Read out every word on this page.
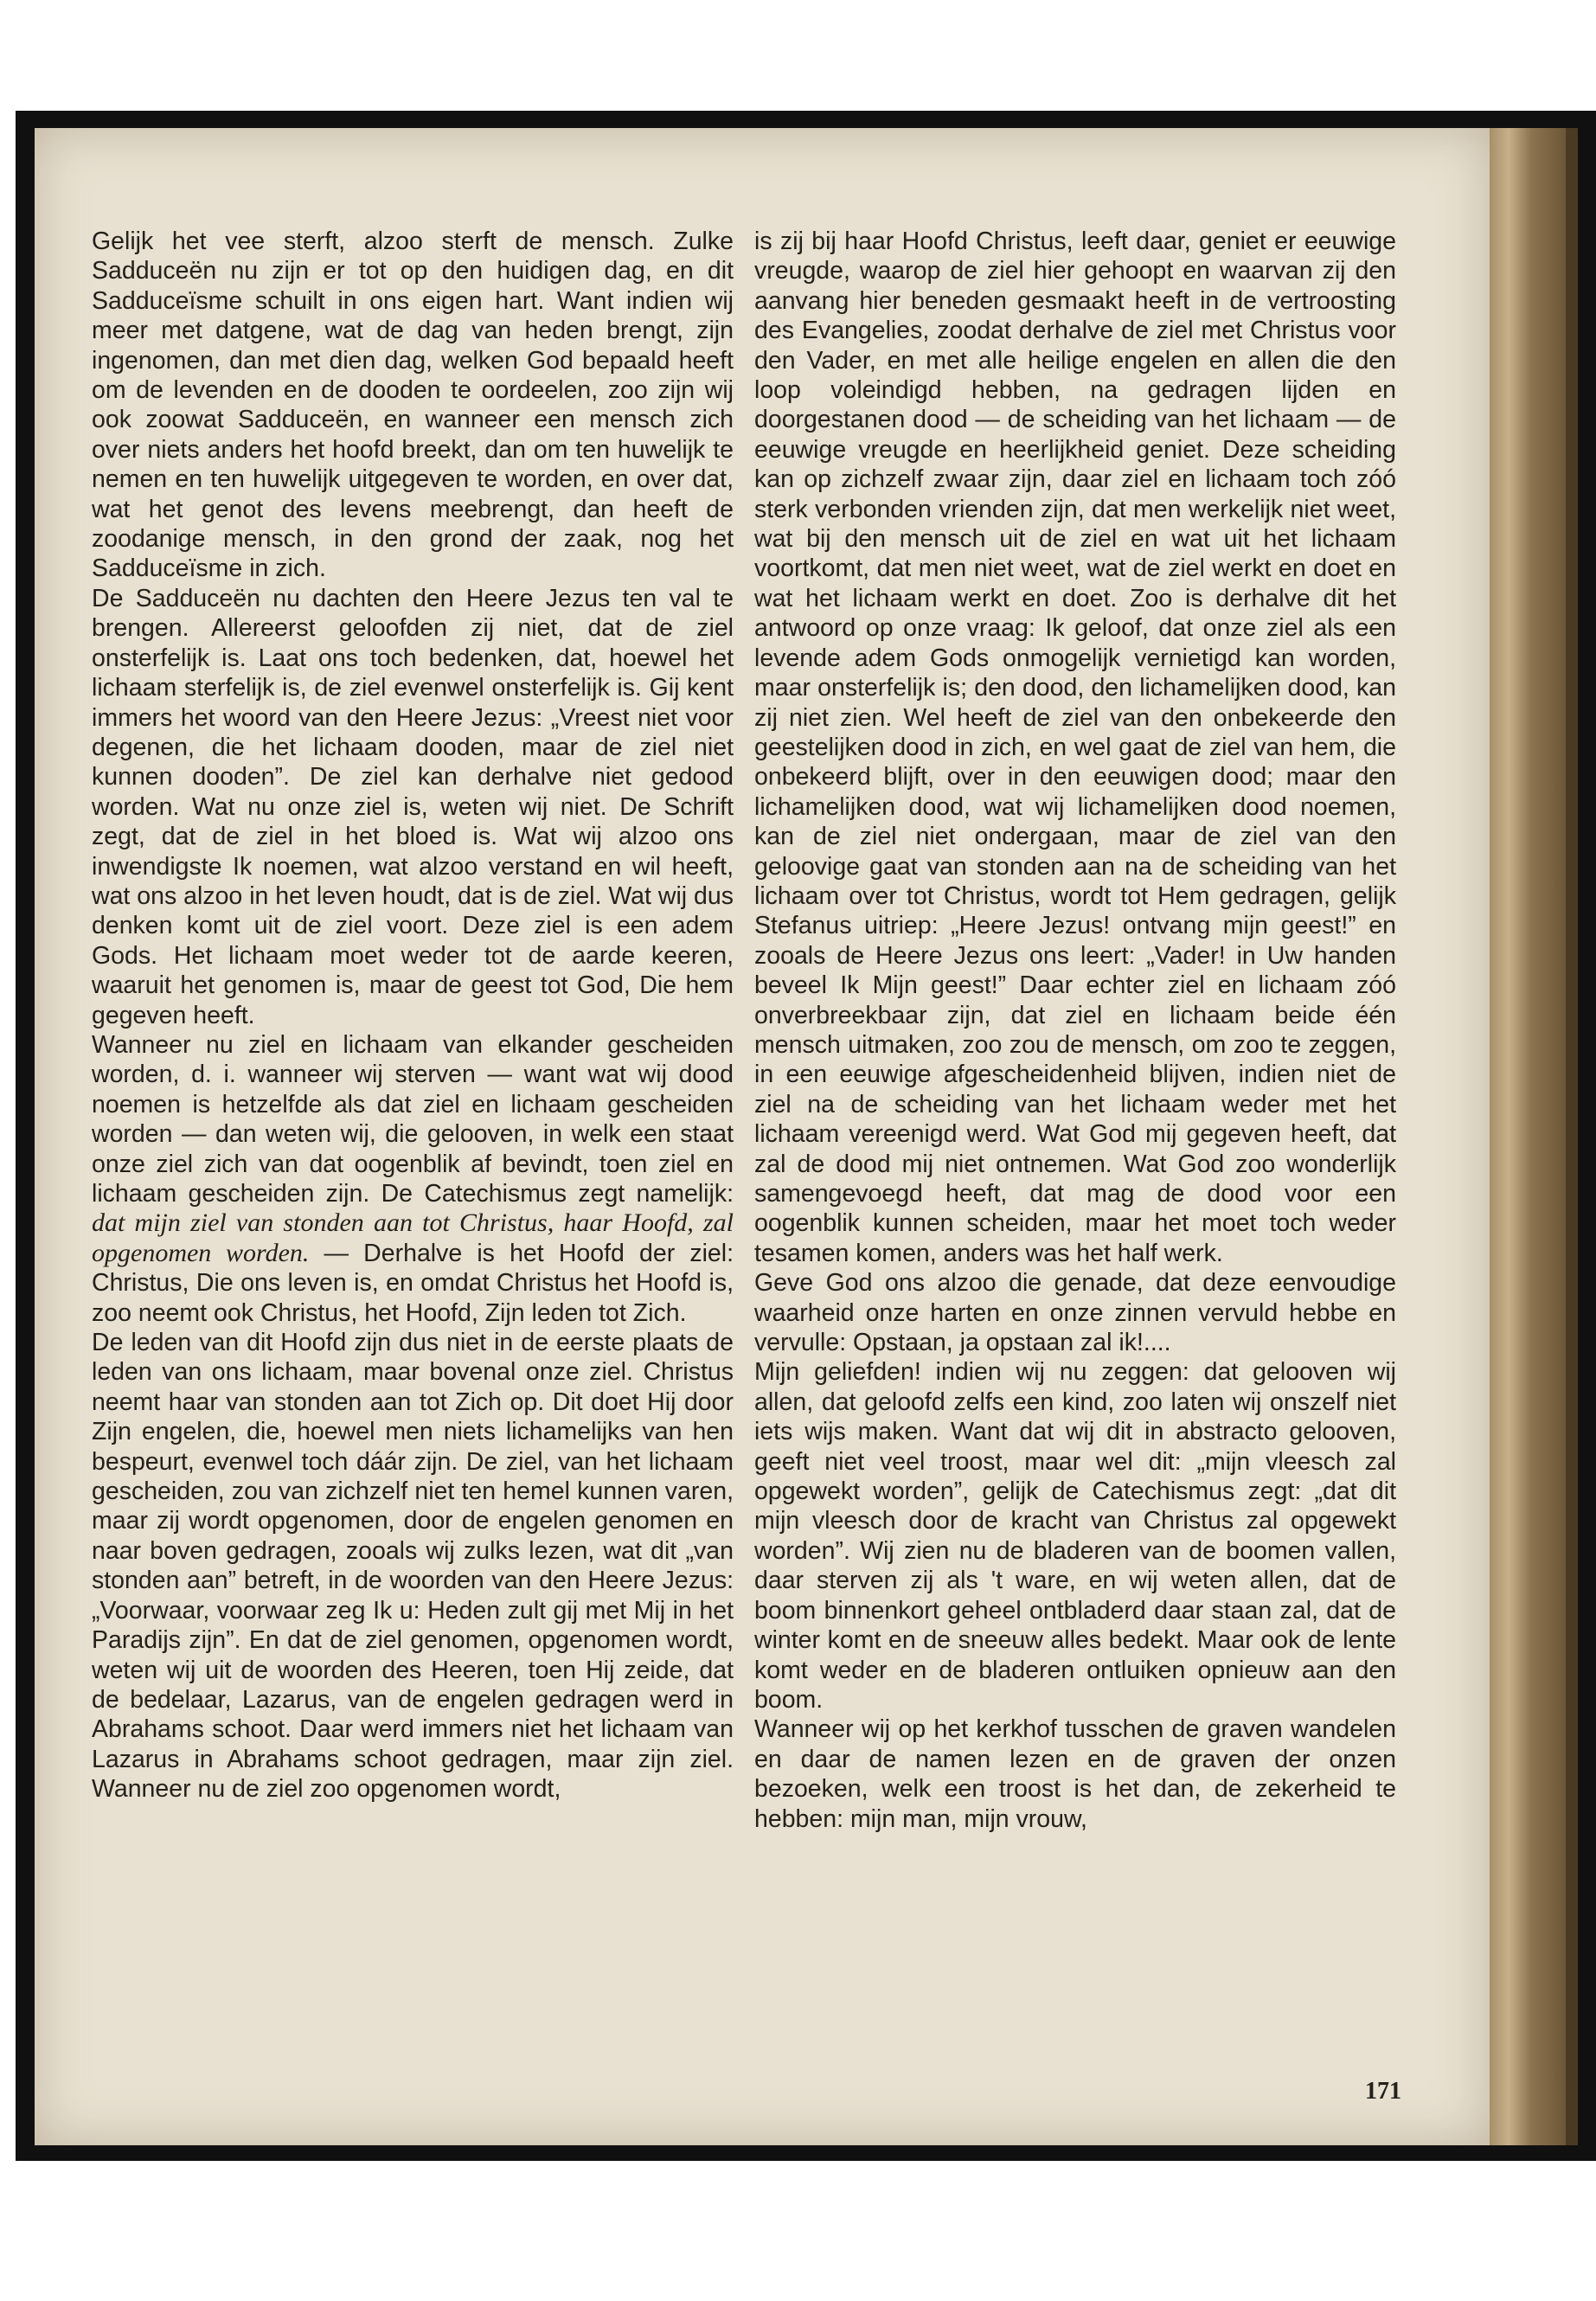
Gelijk het vee sterft, alzoo sterft de mensch. Zulke Sadduceën nu zijn er tot op den huidigen dag, en dit Sadduceïsme schuilt in ons eigen hart. Want indien wij meer met datgene, wat de dag van heden brengt, zijn ingenomen, dan met dien dag, welken God bepaald heeft om de levenden en de dooden te oordeelen, zoo zijn wij ook zoowat Sadduceën, en wanneer een mensch zich over niets anders het hoofd breekt, dan om ten huwelijk te nemen en ten huwelijk uitgegeven te worden, en over dat, wat het genot des levens meebrengt, dan heeft de zoodanige mensch, in den grond der zaak, nog het Sadduceïsme in zich.

De Sadduceën nu dachten den Heere Jezus ten val te brengen. Allereerst geloofden zij niet, dat de ziel onsterfelijk is. Laat ons toch bedenken, dat, hoewel het lichaam sterfelijk is, de ziel evenwel onsterfelijk is. Gij kent immers het woord van den Heere Jezus: „Vreest niet voor degenen, die het lichaam dooden, maar de ziel niet kunnen dooden”. De ziel kan derhalve niet gedood worden. Wat nu onze ziel is, weten wij niet. De Schrift zegt, dat de ziel in het bloed is. Wat wij alzoo ons inwendigste Ik noemen, wat alzoo verstand en wil heeft, wat ons alzoo in het leven houdt, dat is de ziel. Wat wij dus denken komt uit de ziel voort. Deze ziel is een adem Gods. Het lichaam moet weder tot de aarde keeren, waaruit het genomen is, maar de geest tot God, Die hem gegeven heeft.

Wanneer nu ziel en lichaam van elkander gescheiden worden, d. i. wanneer wij sterven — want wat wij dood noemen is hetzelfde als dat ziel en lichaam gescheiden worden — dan weten wij, die gelooven, in welk een staat onze ziel zich van dat oogenblik af bevindt, toen ziel en lichaam gescheiden zijn. De Catechismus zegt namelijk: dat mijn ziel van stonden aan tot Christus, haar Hoofd, zal opgenomen worden. — Derhalve is het Hoofd der ziel: Christus, Die ons leven is, en omdat Christus het Hoofd is, zoo neemt ook Christus, het Hoofd, Zijn leden tot Zich.

De leden van dit Hoofd zijn dus niet in de eerste plaats de leden van ons lichaam, maar bovenal onze ziel. Christus neemt haar van stonden aan tot Zich op. Dit doet Hij door Zijn engelen, die, hoewel men niets lichamelijks van hen bespeurt, evenwel toch dáár zijn. De ziel, van het lichaam gescheiden, zou van zichzelf niet ten hemel kunnen varen, maar zij wordt opgenomen, door de engelen genomen en naar boven gedragen, zooals wij zulks lezen, wat dit „van stonden aan” betreft, in de woorden van den Heere Jezus: „Voorwaar, voorwaar zeg Ik u: Heden zult gij met Mij in het Paradijs zijn”. En dat de ziel genomen, opgenomen wordt, weten wij uit de woorden des Heeren, toen Hij zeide, dat de bedelaar, Lazarus, van de engelen gedragen werd in Abrahams schoot. Daar werd immers niet het lichaam van Lazarus in Abrahams schoot gedragen, maar zijn ziel. Wanneer nu de ziel zoo opgenomen wordt,

is zij bij haar Hoofd Christus, leeft daar, geniet er eeuwige vreugde, waarop de ziel hier gehoopt en waarvan zij den aanvang hier beneden gesmaakt heeft in de vertroosting des Evangelies, zoodat derhalve de ziel met Christus voor den Vader, en met alle heilige engelen en allen die den loop voleindigd hebben, na gedragen lijden en doorgestanen dood — de scheiding van het lichaam — de eeuwige vreugde en heerlijkheid geniet. Deze scheiding kan op zichzelf zwaar zijn, daar ziel en lichaam toch zóó sterk verbonden vrienden zijn, dat men werkelijk niet weet, wat bij den mensch uit de ziel en wat uit het lichaam voortkomt, dat men niet weet, wat de ziel werkt en doet en wat het lichaam werkt en doet. Zoo is derhalve dit het antwoord op onze vraag: Ik geloof, dat onze ziel als een levende adem Gods onmogelijk vernietigd kan worden, maar onsterfelijk is; den dood, den lichamelijken dood, kan zij niet zien. Wel heeft de ziel van den onbekeerde den geestelijken dood in zich, en wel gaat de ziel van hem, die onbekeerd blijft, over in den eeuwigen dood; maar den lichamelijken dood, wat wij lichamelijken dood noemen, kan de ziel niet ondergaan, maar de ziel van den geloovige gaat van stonden aan na de scheiding van het lichaam over tot Christus, wordt tot Hem gedragen, gelijk Stefanus uitriep: „Heere Jezus! ontvang mijn geest!” en zooals de Heere Jezus ons leert: „Vader! in Uw handen beveel Ik Mijn geest!” Daar echter ziel en lichaam zóó onverbreekbaar zijn, dat ziel en lichaam beide één mensch uitmaken, zoo zou de mensch, om zoo te zeggen, in een eeuwige afgescheidenheid blijven, indien niet de ziel na de scheiding van het lichaam weder met het lichaam vereenigd werd. Wat God mij gegeven heeft, dat zal de dood mij niet ontnemen. Wat God zoo wonderlijk samengevoegd heeft, dat mag de dood voor een oogenblik kunnen scheiden, maar het moet toch weder tesamen komen, anders was het half werk.

Geve God ons alzoo die genade, dat deze eenvoudige waarheid onze harten en onze zinnen vervuld hebbe en vervulle: Opstaan, ja opstaan zal ik!....

Mijn geliefden! indien wij nu zeggen: dat gelooven wij allen, dat geloofd zelfs een kind, zoo laten wij onszelf niet iets wijs maken. Want dat wij dit in abstracto gelooven, geeft niet veel troost, maar wel dit: „mijn vleesch zal opgewekt worden”, gelijk de Catechismus zegt: „dat dit mijn vleesch door de kracht van Christus zal opgewekt worden”. Wij zien nu de bladeren van de boomen vallen, daar sterven zij als 't ware, en wij weten allen, dat de boom binnenkort geheel ontbladerd daar staan zal, dat de winter komt en de sneeuw alles bedekt. Maar ook de lente komt weder en de bladeren ontluiken opnieuw aan den boom.

Wanneer wij op het kerkhof tusschen de graven wandelen en daar de namen lezen en de graven der onzen bezoeken, welk een troost is het dan, de zekerheid te hebben: mijn man, mijn vrouw,

171
